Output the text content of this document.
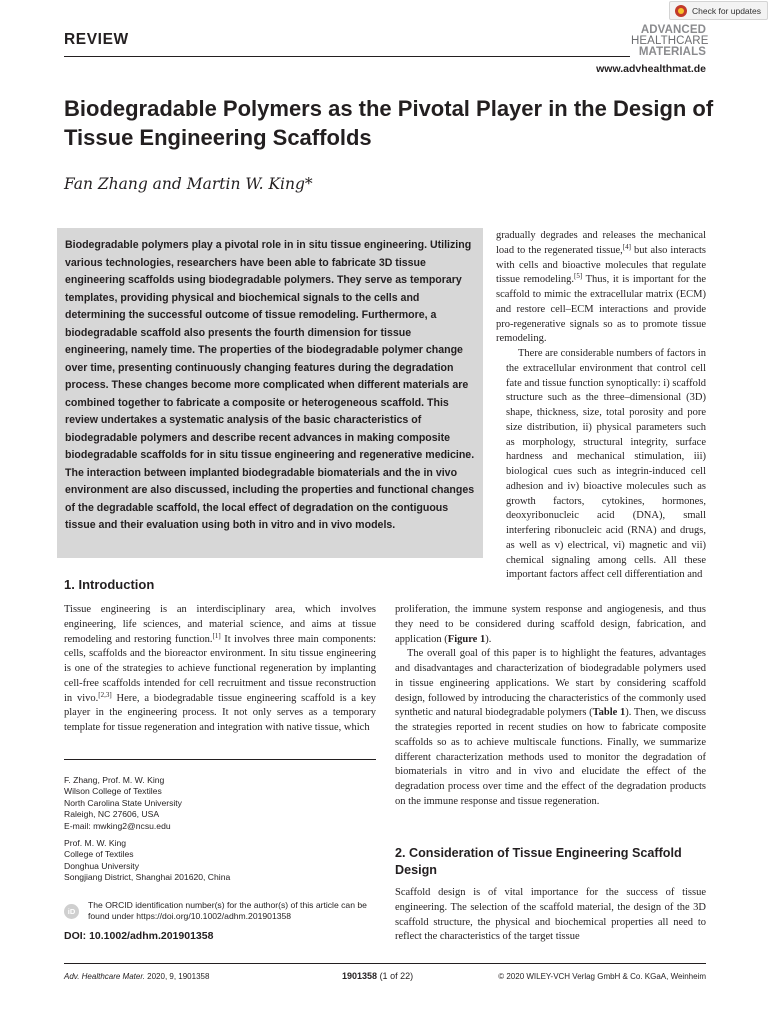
Check for updates
REVIEW
ADVANCED
HEALTHCARE
MATERIALS
www.advhealthmat.de
Biodegradable Polymers as the Pivotal Player in the Design of Tissue Engineering Scaffolds
Fan Zhang and Martin W. King*
Biodegradable polymers play a pivotal role in in situ tissue engineering. Utilizing various technologies, researchers have been able to fabricate 3D tissue engineering scaffolds using biodegradable polymers. They serve as temporary templates, providing physical and biochemical signals to the cells and determining the successful outcome of tissue remodeling. Furthermore, a biodegradable scaffold also presents the fourth dimension for tissue engineering, namely time. The properties of the biodegradable polymer change over time, presenting continuously changing features during the degradation process. These changes become more complicated when different materials are combined together to fabricate a composite or heterogeneous scaffold. This review undertakes a systematic analysis of the basic characteristics of biodegradable polymers and describe recent advances in making composite biodegradable scaffolds for in situ tissue engineering and regenerative medicine. The interaction between implanted biodegradable biomaterials and the in vivo environment are also discussed, including the properties and functional changes of the degradable scaffold, the local effect of degradation on the contiguous tissue and their evaluation using both in vitro and in vivo models.

gradually degrades and releases the mechanical load to the regenerated tissue,[4] but also interacts with cells and bioactive molecules that regulate tissue remodeling.[5] Thus, it is important for the scaffold to mimic the extracellular matrix (ECM) and restore cell–ECM interactions and provide pro-regenerative signals so as to promote tissue remodeling.

There are considerable numbers of factors in the extracellular environment that control cell fate and tissue function synoptically: i) scaffold structure such as the three–dimensional (3D) shape, thickness, size, total porosity and pore size distribution, ii) physical parameters such as morphology, structural integrity, surface hardness and mechanical stimulation, iii) biological cues such as integrin-induced cell adhesion and iv) bioactive molecules such as growth factors, cytokines, hormones, deoxyribonucleic acid (DNA), small interfering ribonucleic acid (RNA) and drugs, as well as v) electrical, vi) magnetic and vii) chemical signaling among cells. All these important factors affect cell differentiation and

1. Introduction

Tissue engineering is an interdisciplinary area, which involves engineering, life sciences, and material science, and aims at tissue remodeling and restoring function.[1] It involves three main components: cells, scaffolds and the bioreactor environment. In situ tissue engineering is one of the strategies to achieve functional regeneration by implanting cell-free scaffolds intended for cell recruitment and tissue reconstruction in vivo.[2,3] Here, a biodegradable tissue engineering scaffold is a key player in the engineering process. It not only serves as a temporary template for tissue regeneration and integration with native tissue, which

proliferation, the immune system response and angiogenesis, and thus they need to be considered during scaffold design, fabrication, and application (Figure 1).

The overall goal of this paper is to highlight the features, advantages and disadvantages and characterization of biodegradable polymers used in tissue engineering applications. We start by considering scaffold design, followed by introducing the characteristics of the commonly used synthetic and natural biodegradable polymers (Table 1). Then, we discuss the strategies reported in recent studies on how to fabricate composite scaffolds so as to achieve multiscale functions. Finally, we summarize different characterization methods used to monitor the degradation of biomaterials in vitro and in vivo and elucidate the effect of the degradation process over time and the effect of the degradation products on the immune response and tissue regeneration.

2. Consideration of Tissue Engineering Scaffold Design

Scaffold design is of vital importance for the success of tissue engineering. The selection of the scaffold material, the design of the 3D scaffold structure, the physical and biochemical properties all need to reflect the characteristics of the target tissue

F. Zhang, Prof. M. W. King

Wilson College of Textiles

North Carolina State University

Raleigh, NC 27606, USA

E-mail: mwking2@ncsu.edu

Prof. M. W. King

College of Textiles

Donghua University

Songjiang District, Shanghai 201620, China

iD
The ORCID identification number(s) for the author(s) of this article can be found under https://doi.org/10.1002/adhm.201901358
DOI: 10.1002/adhm.201901358
Adv. Healthcare Mater. 2020, 9, 1901358	1901358 (1 of 22)	© 2020 WILEY-VCH Verlag GmbH & Co. KGaA, Weinheim
